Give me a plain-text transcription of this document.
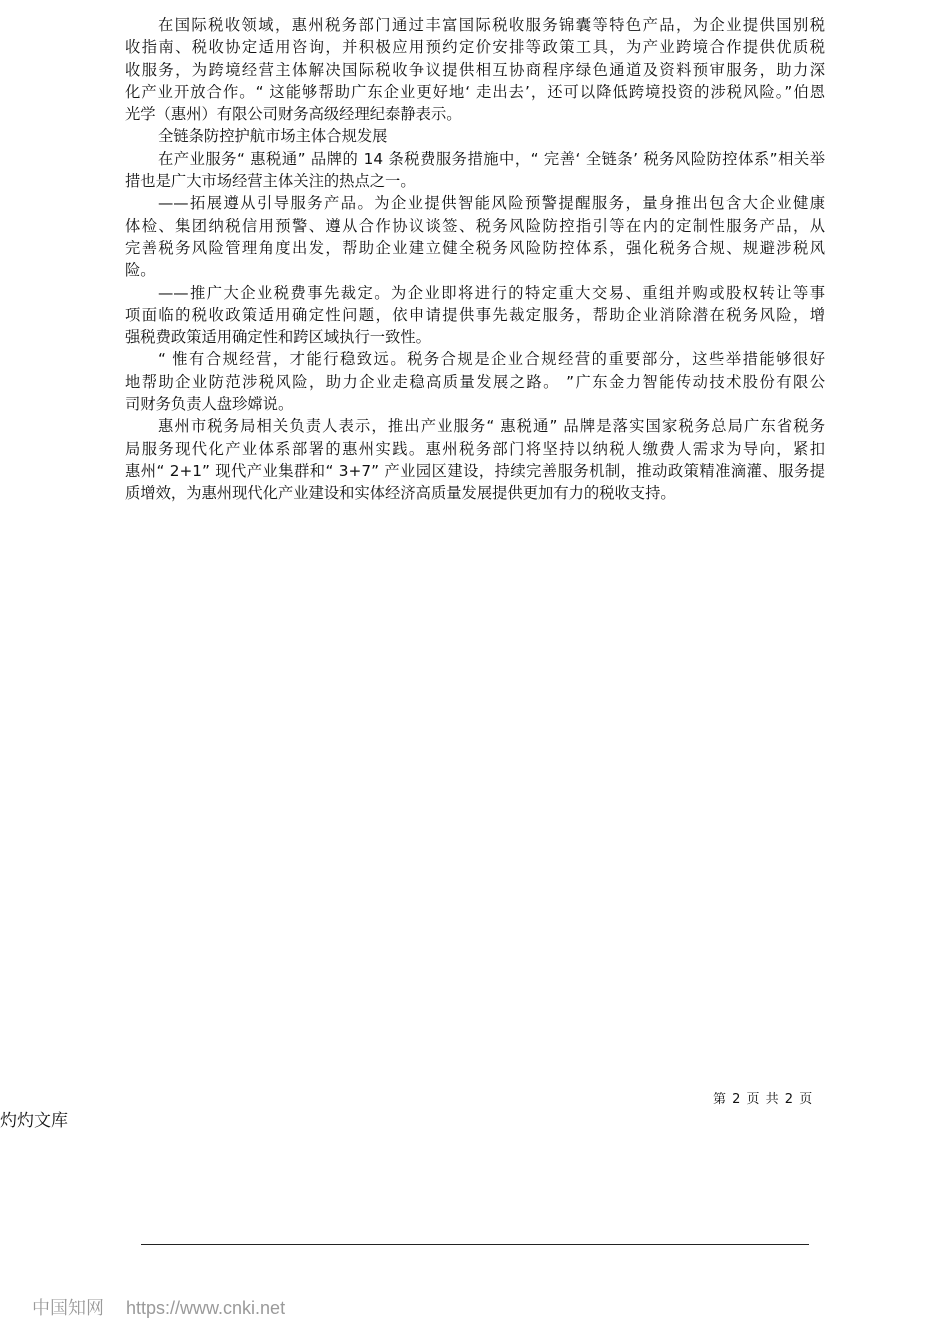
在国际税收领域，惠州税务部门通过丰富国际税收服务锦囊等特色产品，为企业提供国别税
收指南、税收协定适用咨询，并积极应用预约定价安排等政策工具，为产业跨境合作提供优质税
收服务，为跨境经营主体解决国际税收争议提供相互协商程序绿色通道及资料预审服务，助力深
化产业开放合作。“ 这能够帮助广东企业更好地‘ 走出去’，还可以降低跨境投资的涉税风险。”伯恩
光学（惠州）有限公司财务高级经理纪泰静表示。
全链条防控护航市场主体合规发展
在产业服务“ 惠税通” 品牌的 14 条税费服务措施中，“ 完善‘ 全链条’ 税务风险防控体系”相关举
措也是广大市场经营主体关注的热点之一。
——拓展遵从引导服务产品。为企业提供智能风险预警提醒服务，量身推出包含大企业健康
体检、集团纳税信用预警、遵从合作协议谈签、税务风险防控指引等在内的定制性服务产品，从
完善税务风险管理角度出发，帮助企业建立健全税务风险防控体系，强化税务合规、规避涉税风
险。
——推广大企业税费事先裁定。为企业即将进行的特定重大交易、重组并购或股权转让等事
项面临的税收政策适用确定性问题，依申请提供事先裁定服务，帮助企业消除潜在税务风险，增
强税费政策适用确定性和跨区域执行一致性。
“ 惟有合规经营，才能行稳致远。税务合规是企业合规经营的重要部分，这些举措能够很好
地帮助企业防范涉税风险，助力企业走稳高质量发展之路。 ”广东金力智能传动技术股份有限公
司财务负责人盘珍嫦说。
惠州市税务局相关负责人表示，推出产业服务“ 惠税通” 品牌是落实国家税务总局广东省税务
局服务现代化产业体系部署的惠州实践。惠州税务部门将坚持以纳税人缴费人需求为导向，紧扣
惠州“ 2+1” 现代产业集群和“ 3+7” 产业园区建设，持续完善服务机制，推动政策精准滴灌、服务提
质增效，为惠州现代化产业建设和实体经济高质量发展提供更加有力的税收支持。
第 2 页 共 2 页
灼灼文库
中国知网 https://www.cnki.net
